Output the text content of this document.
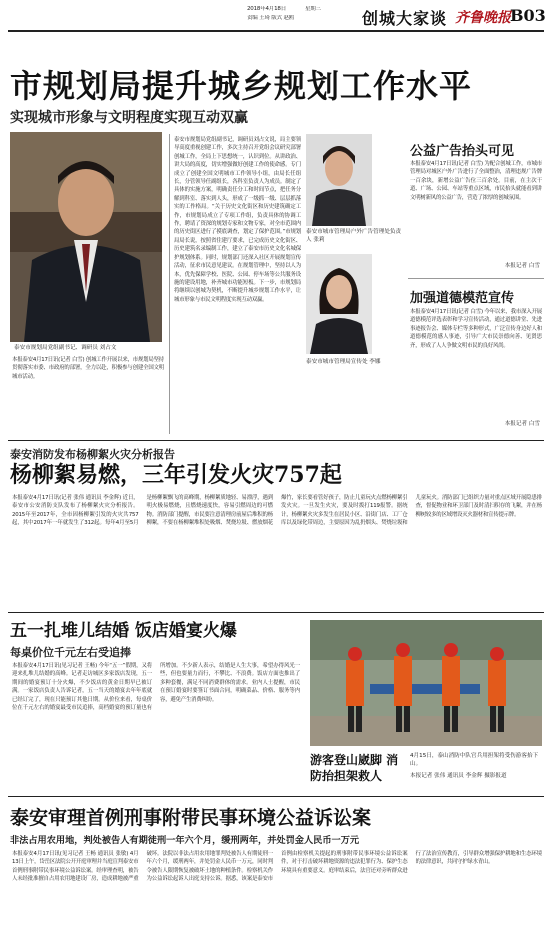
2018年4月18日	星期三
责编 王琦 版式 赵鸥	创城大家谈 齐鲁晚报 B03
市规划局提升城乡规划工作水平
实现城市形象与文明程度实现互动双赢
泰安市规划局党组副书记、调研员 刘占文
本报泰安4月17日讯(记者 白雪) 创城工作开展以来，市规划局坚持贯彻落实市委、市政府的部署，全力以赴，积极参与创建全国文明城市活动。
泰安市规划局党组副书记，调研员刘占文说，局主要领导高度重视创建工作，多次主持召开党组会议研究部署创城工作，全局上下思想统一，认识到位。从讲政治、讲大局的高度，切实增强做好创建工作的使命感。专门成立了创建全国文明城市工作领导小组，由局长任组长，分管领导任副组长，各科室负责人为成员。制定了具体的实施方案，明确责任分工和时间节点，把任务分解到科室、落实到人头，形成了一级抓一级、层层抓落实的工作格局。“关于历史文化街区和历史建筑确定工作，市规划局成立了专项工作组，负责具体的协调工作，聘请了资深的规划专家和文物专家，对全市范围内的历史街区进行了摸底调查，划定了保护范围。”市规划局局长说，按照省住建厅要求，已完成历史文化街区、历史建筑名录编制工作，建立了泰安市历史文化名城保护规划体系。同时，规划部门还深入社区开展规划宣传活动，征求市民意见建议。在规划管理中，坚持以人为本，优先保障学校、医院、公园、停车场等公共服务设施的建设用地，补齐城市功能短板。下一步，市规划局将继续以创城为契机，不断提升城乡规划工作水平，让城市形象与市民文明程度实现互动双赢。
泰安市城市管理局户外广告管理处负责人 张莉
公益广告抬头可见
本报泰安4月17日讯(记者 白雪) 为配合创城工作，市城市管理局对城区户外广告进行了全面整治，清理违规广告牌一百余块，新增公益广告位三百余处。目前，在主次干道、广场、公园、车站等重点区域，市民抬头就能看到讲文明树新风的公益广告，营造了浓厚的创城氛围。
本报记者 白雪
泰安市城市管理局宣传处 李娜
加强道德模范宣传
本报泰安4月17日讯(记者 白雪) 今年以来，我市深入开展道德模范评选表彰和学习宣传活动，通过道德讲堂、先进事迹报告会、媒体专栏等多种形式，广泛宣传身边好人和道德模范的感人事迹，引导广大市民崇德向善、见贤思齐，形成了人人争做文明市民的良好风尚。
本报记者 白雪
泰安消防发布杨柳絮火灾分析报告
杨柳絮易燃，三年引发火灾757起
本报泰安4月17日讯(记者 张伟 通讯员 李金辉) 近日，泰安市公安消防支队发布了杨柳絮火灾分析报告。2015年至2017年，全市因杨柳絮引发的火灾共757起，其中2017年一年就发生了312起。每年4月至5月是杨柳絮飘飞的高峰期，杨柳絮质地轻、易漂浮，遇到明火极易燃烧，且燃烧速度快，容易引燃周边的可燃物。消防部门提醒，市民要注意清理房前屋后堆积的杨柳絮，不要在杨柳絮堆积处吸烟、焚烧垃圾、燃放烟花爆竹，家长要看管好孩子，防止儿童玩火点燃杨柳絮引发火灾。一旦发生火灾，要及时拨打119报警。据统计，杨柳絮火灾多发生在居民小区、沿街门店、工厂仓库以及绿化带周边，主要原因为乱扔烟头、焚烧垃圾和儿童玩火。消防部门已组织力量对重点区域开展隐患排查，督促物业和环卫部门及时清扫积存的飞絮，并在杨柳树较多的区域增设灭火器材和宣传提示牌。
五一扎堆儿结婚 饭店婚宴火爆
每桌价位千元左右受追捧
本报泰安4月17日讯(见习记者 王畅) 今年“五一”假期，又将迎来扎堆儿结婚的高峰。记者走访城区多家饭店发现，五一期间的婚宴预订十分火爆，不少饭店的黄金日期早已被订满。一家饭店负责人告诉记者，五一当天的婚宴去年年底就已经订完了，现在只能预订其他日期。从价位来看，每桌价位在千元左右的婚宴最受市民追捧，高档婚宴的预订量也有所增加。不少新人表示，结婚是人生大事，希望办得风光一些，但也要量力而行，不攀比、不浪费。饭店方面也推出了多种套餐，满足不同消费群体的需求。业内人士提醒，市民在预订婚宴时要签订书面合同，明确菜品、价格、服务等内容，避免产生消费纠纷。
游客登山崴脚 消防抬担架救人
4月15日，泰山消防中队官兵用担架将受伤游客抬下山。
本报记者 张伟 通讯员 李金辉 摄影报道
泰安审理首例刑事附带民事环境公益诉讼案
非法占用农用地，判处被告人有期徒刑一年六个月，缓刑两年，并处罚金人民币一万元
本报泰安4月17日讯(见习记者 王畅 通讯员 张敏) 4月13日上午，岱岳区法院公开开庭审理并当庭宣判泰安市首例刑事附带民事环境公益诉讼案。经审理查明，被告人未经批准擅自占用农用地建设厂房，造成耕地被严重破坏。法院以非法占用农用地罪判处被告人有期徒刑一年六个月，缓刑两年，并处罚金人民币一万元，同时判令被告人限期恢复被破坏土地的种植条件。检察机关作为公益诉讼起诉人出庭支持公诉。据悉，该案是泰安市首例由检察机关提起的刑事附带民事环境公益诉讼案件，对于打击破坏耕地资源的违法犯罪行为、保护生态环境具有重要意义。庭审结束后，法官还对旁听群众进行了法治宣传教育，引导群众增强保护耕地和生态环境的法律意识，共同守护绿水青山。
